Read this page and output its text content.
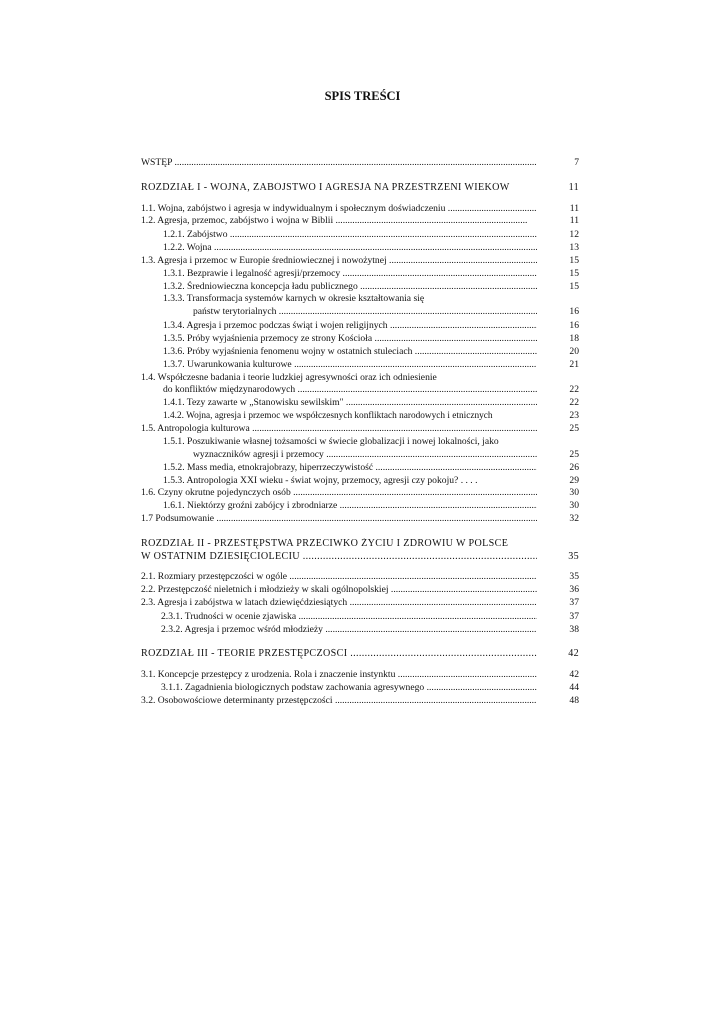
SPIS TREŚCI
WSTĘP .....	7
ROZDZIAŁ I - WOJNA, ZABÓJSTWO I AGRESJA NA PRZESTRZENI WIEKÓW	11
1.1. Wojna, zabójstwo i agresja w indywidualnym i społecznym doświadczeniu .....	11
1.2. Agresja, przemoc, zabójstwo i wojna w Biblii .....	11
1.2.1. Zabójstwo .....	12
1.2.2. Wojna .....	13
1.3. Agresja i przemoc w Europie średniowiecznej i nowożytnej .....	15
1.3.1. Bezprawie i legalność agresji/przemocy .....	15
1.3.2. Średniowieczna koncepcja ładu publicznego .....	15
1.3.3. Transformacja systemów karnych w okresie kształtowania się
państw terytorialnych .....	16
1.3.4. Agresja i przemoc podczas świąt i wojen religijnych .....	16
1.3.5. Próby wyjaśnienia przemocy ze strony Kościoła .....	18
1.3.6. Próby wyjaśnienia fenomenu wojny w ostatnich stuleciach .....	20
1.3.7. Uwarunkowania kulturowe .....	21
1.4. Współczesne badania i teorie ludzkiej agresywności oraz ich odniesienie
do konfliktów międzynarodowych .....	22
1.4.1. Tezy zawarte w „Stanowisku sewilskim" .....	22
1.4.2. Wojna, agresja i przemoc we współczesnych konfliktach narodowych i etnicznych	23
1.5. Antropologia kulturowa .....	25
1.5.1. Poszukiwanie własnej tożsamości w świecie globalizacji i nowej lokalności, jako
wyznaczników agresji i przemocy .....	25
1.5.2. Mass media, etnokrajobrazy, hiperrzeczywistość .....	26
1.5.3. Antropologia XXI wieku - świat wojny, przemocy, agresji czy pokoju? . . . .	29
1.6. Czyny okrutne pojedynczych osób .....	30
1.6.1. Niektórzy groźni zabójcy i zbrodniarze .....	30
1.7 Podsumowanie .....	32
ROZDZIAŁ II - PRZESTĘPSTWA PRZECIWKO ŻYCIU I ZDROWIU W POLSCE
W OSTATNIM DZIESIĘCIOLECIU .....	35
2.1. Rozmiary przestępczości w ogóle .....	35
2.2. Przestępczość nieletnich i młodzieży w skali ogólnopolskiej .....	36
2.3. Agresja i zabójstwa w latach dziewięćdziesiątych .....	37
2.3.1. Trudności w ocenie zjawiska .....	37
2.3.2. Agresja i przemoc wśród młodzieży .....	38
ROZDZIAŁ III - TEORIE PRZESTĘPCZOŚCI .....	42
3.1. Koncepcje przestępcy z urodzenia. Rola i znaczenie instynktu .....	42
3.1.1. Zagadnienia biologicznych podstaw zachowania agresywnego .....	44
3.2. Osobowościowe determinanty przestępczości .....	48
